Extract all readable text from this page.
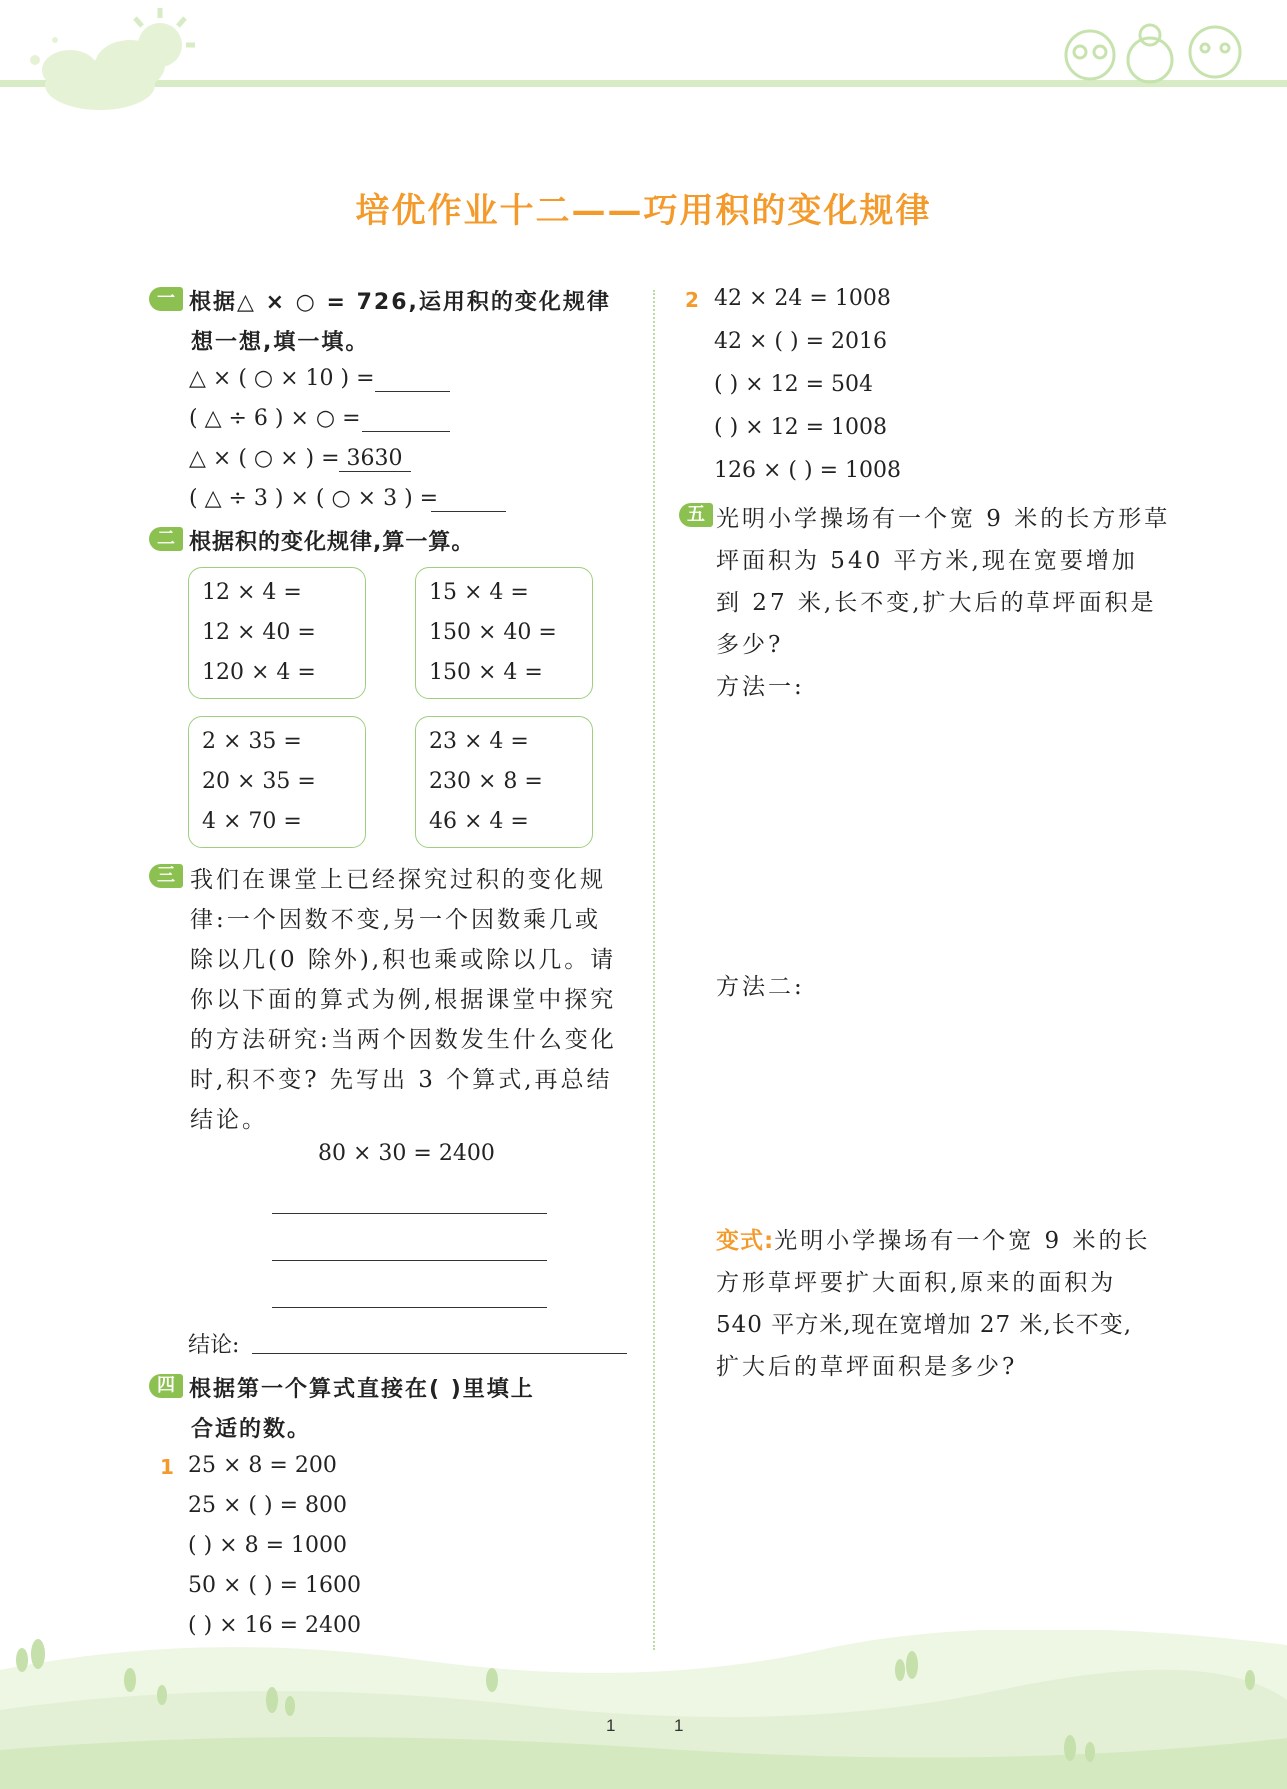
培优作业十二——巧用积的变化规律
一 根据△ × ○ = 726,运用积的变化规律
想一想,填一填。
△ × ( ○ × 10 ) =
( △ ÷ 6 ) × ○ =
△ × ( ○ × ) = 3630
( △ ÷ 3 ) × ( ○ × 3 ) =
二 根据积的变化规律,算一算。
12 × 4 =
12 × 40 =
120 × 4 =
15 × 4 =
150 × 40 =
150 × 4 =
2 × 35 =
20 × 35 =
4 × 70 =
23 × 4 =
230 × 8 =
46 × 4 =
三 我们在课堂上已经探究过积的变化规
律:一个因数不变,另一个因数乘几或
除以几(0 除外),积也乘或除以几。请
你以下面的算式为例,根据课堂中探究
的方法研究:当两个因数发生什么变化
时,积不变? 先写出 3 个算式,再总结
结论。
80 × 30 = 2400
结论:
四 根据第一个算式直接在( )里填上
合适的数。
1 25 × 8 = 200
25 × ( ) = 800
( ) × 8 = 1000
50 × ( ) = 1600
( ) × 16 = 2400
2 42 × 24 = 1008
42 × ( ) = 2016
( ) × 12 = 504
( ) × 12 = 1008
126 × ( ) = 1008
五 光明小学操场有一个宽 9 米的长方形草
坪面积为 540 平方米,现在宽要增加
到 27 米,长不变,扩大后的草坪面积是
多少?
方法一:
方法二:
变式:光明小学操场有一个宽 9 米的长
方形草坪要扩大面积,原来的面积为
540 平方米,现在宽增加 27 米,长不变,
扩大后的草坪面积是多少?
1	1
